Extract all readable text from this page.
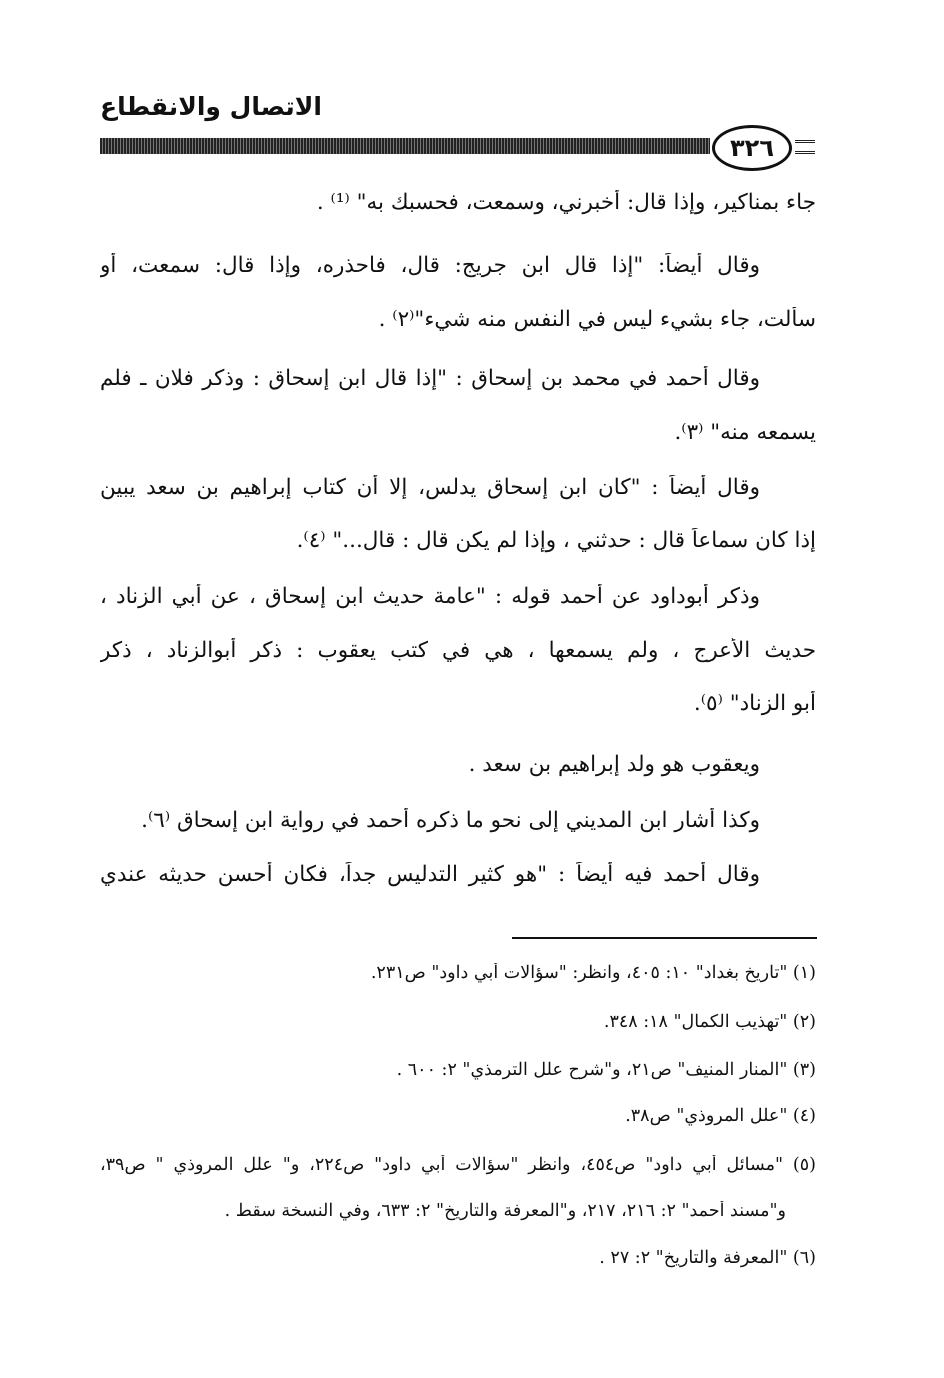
الاتصال والانقطاع
٣٢٦
جاء بمناكير، وإذا قال: أخبرني، وسمعت، فحسبك به" ⁽¹⁾ .
وقال أيضاً: "إذا قال ابن جريج: قال، فاحذره، وإذا قال: سمعت، أو
سألت، جاء بشيء ليس في النفس منه شيء"⁽٢⁾ .
وقال أحمد في محمد بن إسحاق : "إذا قال ابن إسحاق : وذكر فلان ـ فلم
يسمعه منه" ⁽٣⁾.
وقال أيضاً : "كان ابن إسحاق يدلس، إلا أن كتاب إبراهيم بن سعد يبين
إذا كان سماعاً قال : حدثني ، وإذا لم يكن قال : قال..." ⁽٤⁾.
وذكر أبوداود عن أحمد قوله : "عامة حديث ابن إسحاق ، عن أبي الزناد ،
حديث الأعرج ، ولم يسمعها ، هي في كتب يعقوب : ذكر أبوالزناد ، ذكر
أبو الزناد" ⁽٥⁾.
ويعقوب هو ولد إبراهيم بن سعد .
وكذا أشار ابن المديني إلى نحو ما ذكره أحمد في رواية ابن إسحاق ⁽٦⁾.
وقال أحمد فيه أيضاً : "هو كثير التدليس جداً، فكان أحسن حديثه عندي
(١) "تاريخ بغداد" ١٠: ٤٠٥، وانظر: "سؤالات أبي داود" ص٢٣١.
(٢) "تهذيب الكمال" ١٨: ٣٤٨.
(٣) "المنار المنيف" ص٢١، و"شرح علل الترمذي" ٢: ٦٠٠ .
(٤) "علل المروذي" ص٣٨.
(٥) "مسائل أبي داود" ص٤٥٤، وانظر "سؤالات أبي داود" ص٢٢٤، و" علل المروذي " ص٣٩،
و"مسند أحمد" ٢: ٢١٦، ٢١٧، و"المعرفة والتاريخ" ٢: ٦٣٣، وفي النسخة سقط .
(٦) "المعرفة والتاريخ" ٢: ٢٧ .
